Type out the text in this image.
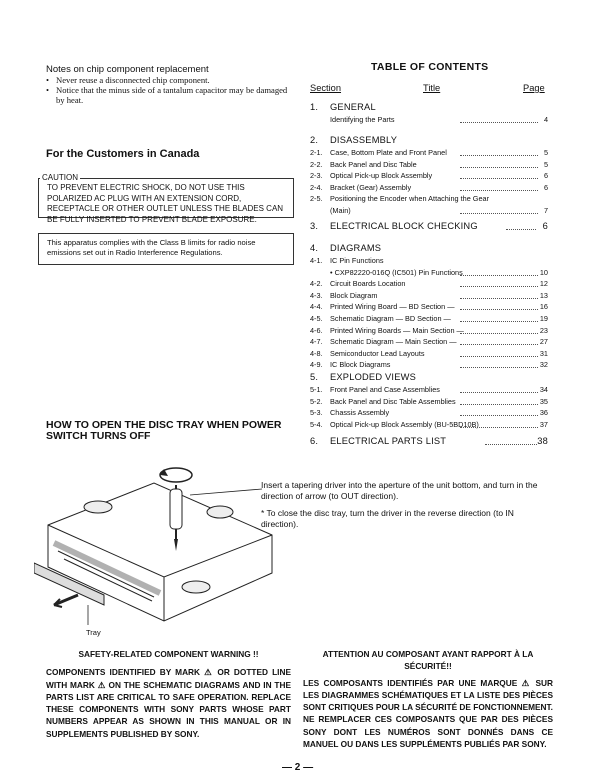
Notes on chip component replacement
• Never reuse a disconnected chip component.
• Notice that the minus side of a tantalum capacitor may be damaged by heat.
For the Customers in Canada
CAUTION
TO PREVENT ELECTRIC SHOCK, DO NOT USE THIS POLARIZED AC PLUG WITH AN EXTENSION CORD, RECEPTACLE OR OTHER OUTLET UNLESS THE BLADES CAN BE FULLY INSERTED TO PREVENT BLADE EXPOSURE.
This apparatus complies with the Class B limits for radio noise emissions set out in Radio Interference Regulations.
TABLE OF CONTENTS
Section	Title	Page
1. GENERAL
Identifying the Parts	4
2. DISASSEMBLY
2-1. Case, Bottom Plate and Front Panel	5
2-2. Back Panel and Disc Table	5
2-3. Optical Pick-up Block Assembly	6
2-4. Bracket (Gear) Assembly	6
2-5. Positioning the Encoder when Attaching the Gear
(Main)	7
3. ELECTRICAL BLOCK CHECKING	6
4. DIAGRAMS
4-1. IC Pin Functions
• CXP82220-016Q (IC501) Pin Functions	10
4-2. Circuit Boards Location	12
4-3. Block Diagram	13
4-4. Printed Wiring Board — BD Section —	16
4-5. Schematic Diagram — BD Section —	19
4-6. Printed Wiring Boards — Main Section —	23
4-7. Schematic Diagram — Main Section —	27
4-8. Semiconductor Lead Layouts	31
4-9. IC Block Diagrams	32
5. EXPLODED VIEWS
5-1. Front Panel and Case Assemblies	34
5-2. Back Panel and Disc Table Assemblies	35
5-3. Chassis Assembly	36
5-4. Optical Pick-up Block Assembly (BU-5BD10B)	37
6. ELECTRICAL PARTS LIST	38
HOW TO OPEN THE DISC TRAY WHEN POWER SWITCH TURNS OFF
Insert a tapering driver into the aperture of the unit bottom, and turn in the direction of arrow (to OUT direction).
* To close the disc tray, turn the driver in the reverse direction (to IN direction).
Tray
SAFETY-RELATED COMPONENT WARNING !!
COMPONENTS IDENTIFIED BY MARK ⚠ OR DOTTED LINE WITH MARK ⚠ ON THE SCHEMATIC DIAGRAMS AND IN THE PARTS LIST ARE CRITICAL TO SAFE OPERATION. REPLACE THESE COMPONENTS WITH SONY PARTS WHOSE PART NUMBERS APPEAR AS SHOWN IN THIS MANUAL OR IN SUPPLEMENTS PUBLISHED BY SONY.
ATTENTION AU COMPOSANT AYANT RAPPORT À LA SÉCURITÉ!!
LES COMPOSANTS IDENTIFIÉS PAR UNE MARQUE ⚠ SUR LES DIAGRAMMES SCHÉMATIQUES ET LA LISTE DES PIÈCES SONT CRITIQUES POUR LA SÉCURITÉ DE FONCTIONNEMENT. NE REMPLACER CES COMPOSANTS QUE PAR DES PIÈCES SONY DONT LES NUMÉROS SONT DONNÉS DANS CE MANUEL OU DANS LES SUPPLÉMENTS PUBLIÉS PAR SONY.
— 2 —
